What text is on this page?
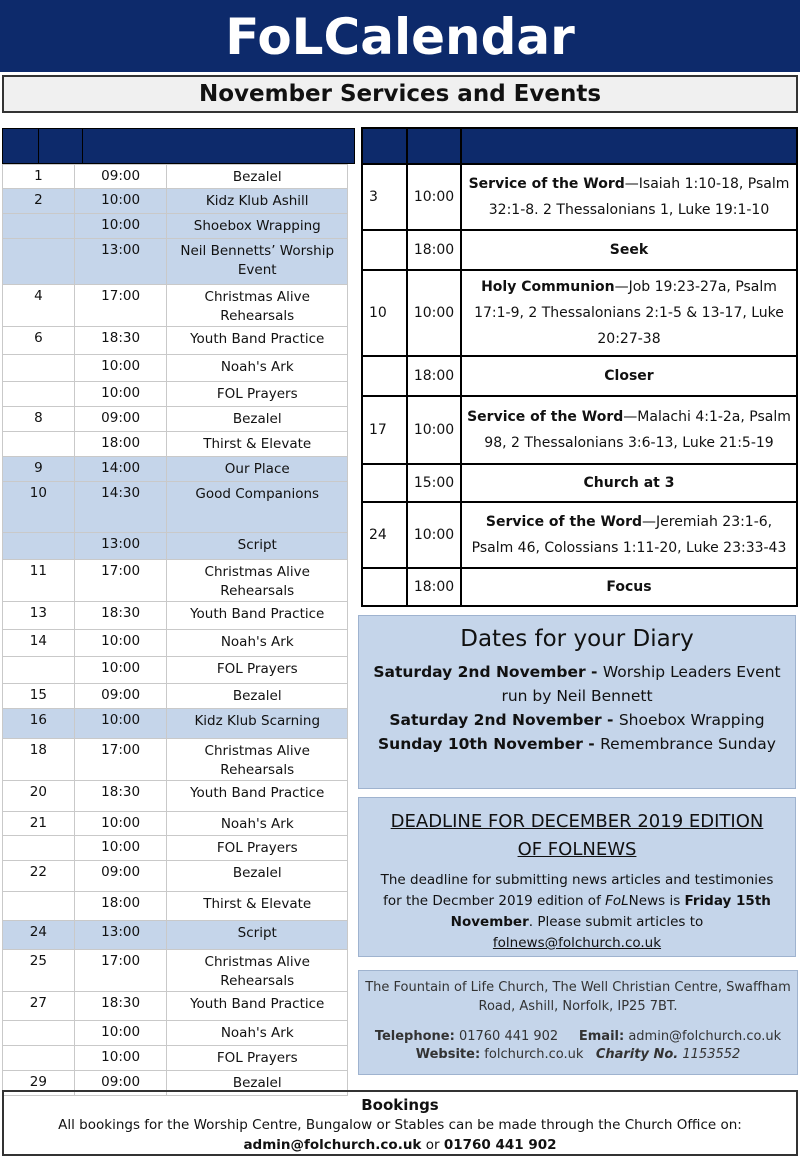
FoLCalendar
November Services and Events
1	09:00	Bezalel
2	10:00	Kidz Klub Ashill
	10:00	Shoebox Wrapping
	13:00	Neil Bennetts’ Worship Event
4	17:00	Christmas Alive Rehearsals
6	18:30	Youth Band Practice
	10:00	Noah's Ark
	10:00	FOL Prayers
8	09:00	Bezalel
	18:00	Thirst & Elevate
9	14:00	Our Place
10	14:30	Good Companions
	13:00	Script
11	17:00	Christmas Alive Rehearsals
13	18:30	Youth Band Practice
14	10:00	Noah's Ark
	10:00	FOL Prayers
15	09:00	Bezalel
16	10:00	Kidz Klub Scarning
18	17:00	Christmas Alive Rehearsals
20	18:30	Youth Band Practice
21	10:00	Noah's Ark
	10:00	FOL Prayers
22	09:00	Bezalel
	18:00	Thirst & Elevate
24	13:00	Script
25	17:00	Christmas Alive Rehearsals
27	18:30	Youth Band Practice
	10:00	Noah's Ark
	10:00	FOL Prayers
29	09:00	Bezalel

3	10:00	Service of the Word—Isaiah 1:10-18, Psalm 32:1-8. 2 Thessalonians 1, Luke 19:1-10
	18:00	Seek
10	10:00	Holy Communion—Job 19:23-27a, Psalm 17:1-9, 2 Thessalonians 2:1-5 & 13-17, Luke 20:27-38
	18:00	Closer
17	10:00	Service of the Word—Malachi 4:1-2a, Psalm 98, 2 Thessalonians 3:6-13, Luke 21:5-19
	15:00	Church at 3
24	10:00	Service of the Word—Jeremiah 23:1-6, Psalm 46, Colossians 1:11-20, Luke 23:33-43
	18:00	Focus
Dates for your Diary

Saturday 2nd November - Worship Leaders Event run by Neil Bennett

Saturday 2nd November - Shoebox Wrapping

Sunday 10th November - Remembrance Sunday

DEADLINE FOR DECEMBER 2019 EDITION OF FOLNEWS

The deadline for submitting news articles and testimonies for the Decmber 2019 edition of FoLNews is Friday 15th November. Please submit articles to folnews@folchurch.co.uk

The Fountain of Life Church, The Well Christian Centre, Swaffham Road, Ashill, Norfolk, IP25 7BT.
Telephone: 01760 441 902 Email: admin@folchurch.co.uk
Website: folchurch.co.uk Charity No. 1153552
Bookings
All bookings for the Worship Centre, Bungalow or Stables can be made through the Church Office on:
admin@folchurch.co.uk or 01760 441 902
